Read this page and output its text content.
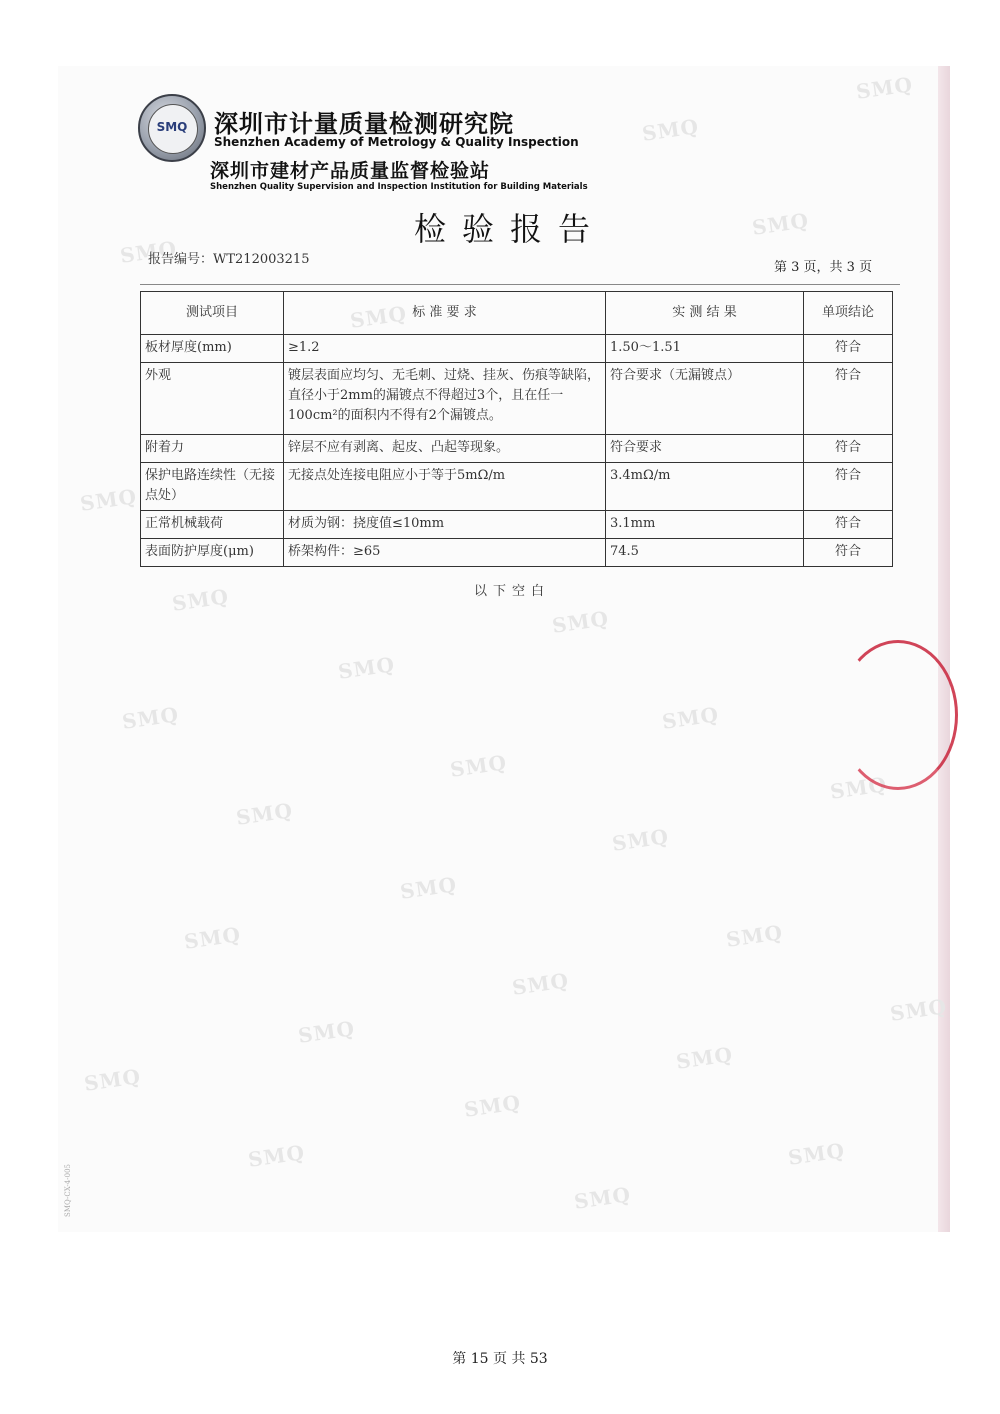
SMQ
SMQ
SMQ
SMQ
SMQ
SMQ
SMQ
SMQ
SMQ
SMQ	SMQ
SMQ
SMQ
SMQ
SMQ
SMQ
SMQ	SMQ
SMQ
SMQ
SMQ
SMQ
SMQ
SMQ
SMQ	SMQ
SMQ
SMQ	深圳市计量质量检测研究院
Shenzhen Academy of Metrology & Quality Inspection
深圳市建材产品质量监督检验站
Shenzhen Quality Supervision and Inspection Institution for Building Materials
检验报告
报告编号：WT212003215
第 3 页，共 3 页
测试项目	标 准 要 求	实 测 结 果	单项结论
板材厚度(mm)	≥1.2	1.50～1.51	符合
外观	镀层表面应均匀、无毛刺、过烧、挂灰、伤痕等缺陷，直径小于2mm的漏镀点不得超过3个，且在任一100cm²的面积内不得有2个漏镀点。	符合要求（无漏镀点）	符合
附着力	锌层不应有剥离、起皮、凸起等现象。	符合要求	符合
保护电路连续性（无接点处）	无接点处连接电阻应小于等于5mΩ/m	3.4mΩ/m	符合
正常机械载荷	材质为钢：挠度值≤10mm	3.1mm	符合
表面防护厚度(μm)	桥架构件：≥65	74.5	符合
以下空白
SMQ-CX-4-005
第 15 页 共 53
